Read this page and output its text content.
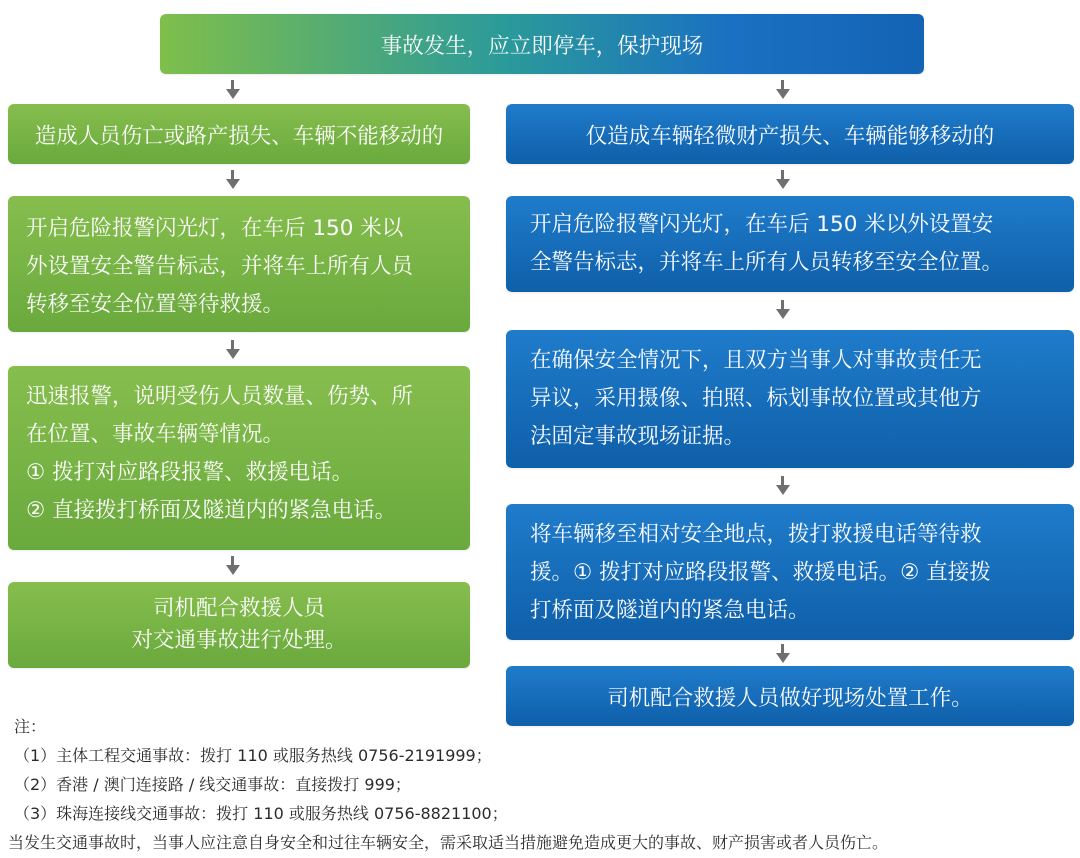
事故发生，应立即停车，保护现场
造成人员伤亡或路产损失、车辆不能移动的
开启危险报警闪光灯，在车后 150 米以
外设置安全警告标志，并将车上所有人员
转移至安全位置等待救援。
迅速报警，说明受伤人员数量、伤势、所
在位置、事故车辆等情况。
① 拨打对应路段报警、救援电话。
② 直接拨打桥面及隧道内的紧急电话。
司机配合救援人员
对交通事故进行处理。
仅造成车辆轻微财产损失、车辆能够移动的
开启危险报警闪光灯，在车后 150 米以外设置安
全警告标志，并将车上所有人员转移至安全位置。
在确保安全情况下，且双方当事人对事故责任无
异议，采用摄像、拍照、标划事故位置或其他方
法固定事故现场证据。
将车辆移至相对安全地点，拨打救援电话等待救
援。① 拨打对应路段报警、救援电话。② 直接拨
打桥面及隧道内的紧急电话。
司机配合救援人员做好现场处置工作。
注：
（1）主体工程交通事故：拨打 110 或服务热线 0756-2191999；
（2）香港 / 澳门连接路 / 线交通事故：直接拨打 999；
（3）珠海连接线交通事故：拨打 110 或服务热线 0756-8821100；
当发生交通事故时，当事人应注意自身安全和过往车辆安全，需采取适当措施避免造成更大的事故、财产损害或者人员伤亡。
